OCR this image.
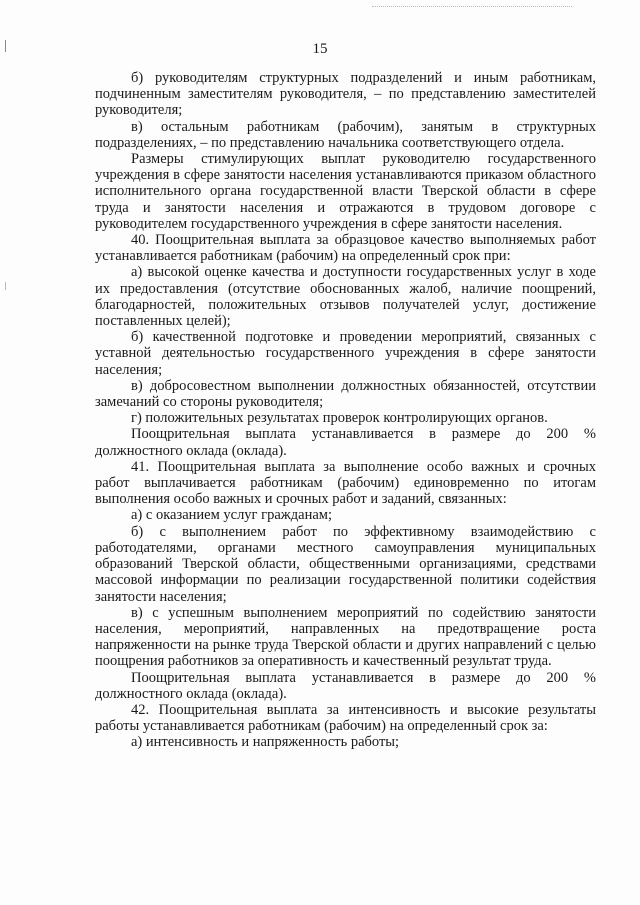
15

б) руководителям структурных подразделений и иным работникам, подчиненным заместителям руководителя, – по представлению заместителей руководителя;

в) остальным работникам (рабочим), занятым в структурных подразделениях, – по представлению начальника соответствующего отдела.

Размеры стимулирующих выплат руководителю государственного учреждения в сфере занятости населения устанавливаются приказом областного исполнительного органа государственной власти Тверской области в сфере труда и занятости населения и отражаются в трудовом договоре с руководителем государственного учреждения в сфере занятости населения.

40. Поощрительная выплата за образцовое качество выполняемых работ устанавливается работникам (рабочим) на определенный срок при:

а) высокой оценке качества и доступности государственных услуг в ходе их предоставления (отсутствие обоснованных жалоб, наличие поощрений, благодарностей, положительных отзывов получателей услуг, достижение поставленных целей);

б) качественной подготовке и проведении мероприятий, связанных с уставной деятельностью государственного учреждения в сфере занятости населения;

в) добросовестном выполнении должностных обязанностей, отсутствии замечаний со стороны руководителя;

г) положительных результатах проверок контролирующих органов.

Поощрительная выплата устанавливается в размере до 200 % должностного оклада (оклада).

41. Поощрительная выплата за выполнение особо важных и срочных работ выплачивается работникам (рабочим) единовременно по итогам выполнения особо важных и срочных работ и заданий, связанных:

а) с оказанием услуг гражданам;

б) с выполнением работ по эффективному взаимодействию с работодателями, органами местного самоуправления муниципальных образований Тверской области, общественными организациями, средствами массовой информации по реализации государственной политики содействия занятости населения;

в) с успешным выполнением мероприятий по содействию занятости населения, мероприятий, направленных на предотвращение роста напряженности на рынке труда Тверской области и других направлений с целью поощрения работников за оперативность и качественный результат труда.

Поощрительная выплата устанавливается в размере до 200 % должностного оклада (оклада).

42. Поощрительная выплата за интенсивность и высокие результаты работы устанавливается работникам (рабочим) на определенный срок за:

а) интенсивность и напряженность работы;
